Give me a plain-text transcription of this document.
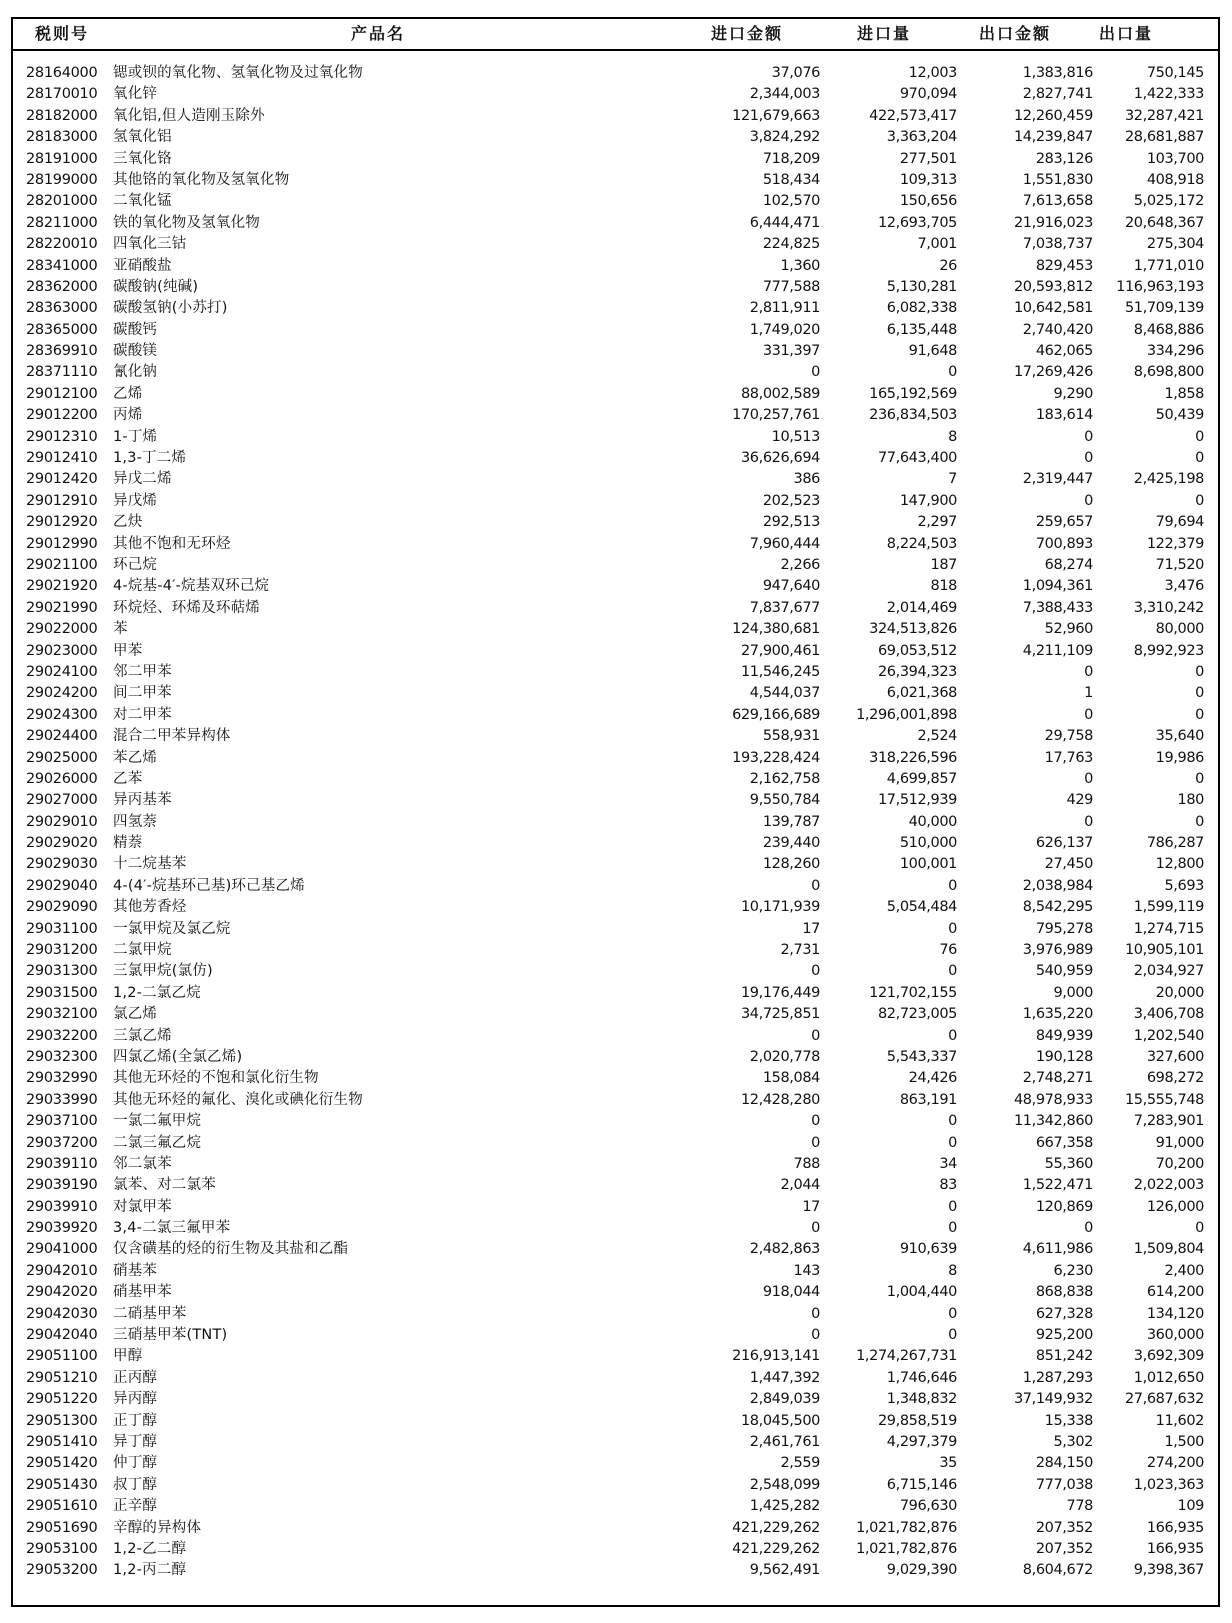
税则号	产品名	进口金额	进口量	出口金额	出口量
28164000 锶或钡的氧化物、氢氧化物及过氧化物	37,076	12,003	1,383,816	750,145
28170010 氧化锌	2,344,003	970,094	2,827,741	1,422,333
28182000 氧化铝,但人造刚玉除外	121,679,663	422,573,417	12,260,459 32,287,421
28183000 氢氧化铝	3,824,292	3,363,204	14,239,847 28,681,887
28191000 三氧化铬	718,209	277,501	283,126	103,700
28199000 其他铬的氧化物及氢氧化物	518,434	109,313	1,551,830	408,918
28201000 二氧化锰	102,570	150,656	7,613,658	5,025,172
28211000 铁的氧化物及氢氧化物	6,444,471	12,693,705	21,916,023 20,648,367
28220010 四氧化三钴	224,825	7,001	7,038,737	275,304
28341000 亚硝酸盐	1,360	26	829,453	1,771,010
28362000 碳酸钠(纯碱)	777,588	5,130,281	20,593,812 116,963,193
28363000 碳酸氢钠(小苏打)	2,811,911	6,082,338	10,642,581 51,709,139
28365000 碳酸钙	1,749,020	6,135,448	2,740,420	8,468,886
28369910 碳酸镁	331,397	91,648	462,065	334,296
28371110 氰化钠	0	0	17,269,426	8,698,800
29012100 乙烯	88,002,589	165,192,569	9,290	1,858
29012200 丙烯	170,257,761	236,834,503	183,614	50,439
29012310 1-丁烯	10,513	8	0	0
29012410 1,3-丁二烯	36,626,694	77,643,400	0	0
29012420 异戊二烯	386	7	2,319,447	2,425,198
29012910 异戊烯	202,523	147,900	0	0
29012920 乙炔	292,513	2,297	259,657	79,694
29012990 其他不饱和无环烃	7,960,444	8,224,503	700,893	122,379
29021100 环己烷	2,266	187	68,274	71,520
29021920 4-烷基-4′-烷基双环己烷	947,640	818	1,094,361	3,476
29021990 环烷烃、环烯及环萜烯	7,837,677	2,014,469	7,388,433	3,310,242
29022000 苯	124,380,681	324,513,826	52,960	80,000
29023000 甲苯	27,900,461	69,053,512	4,211,109	8,992,923
29024100 邻二甲苯	11,546,245	26,394,323	0	0
29024200 间二甲苯	4,544,037	6,021,368	1	0
29024300 对二甲苯	629,166,689 1,296,001,898	0	0
29024400 混合二甲苯异构体	558,931	2,524	29,758	35,640
29025000 苯乙烯	193,228,424	318,226,596	17,763	19,986
29026000 乙苯	2,162,758	4,699,857	0	0
29027000 异丙基苯	9,550,784	17,512,939	429	180
29029010 四氢萘	139,787	40,000	0	0
29029020 精萘	239,440	510,000	626,137	786,287
29029030 十二烷基苯	128,260	100,001	27,450	12,800
29029040 4-(4′-烷基环己基)环己基乙烯	0	0	2,038,984	5,693
29029090 其他芳香烃	10,171,939	5,054,484	8,542,295	1,599,119
29031100 一氯甲烷及氯乙烷	17	0	795,278	1,274,715
29031200 二氯甲烷	2,731	76	3,976,989 10,905,101
29031300 三氯甲烷(氯仿)	0	0	540,959	2,034,927
29031500 1,2-二氯乙烷	19,176,449	121,702,155	9,000	20,000
29032100 氯乙烯	34,725,851	82,723,005	1,635,220	3,406,708
29032200 三氯乙烯	0	0	849,939	1,202,540
29032300 四氯乙烯(全氯乙烯)	2,020,778	5,543,337	190,128	327,600
29032990 其他无环烃的不饱和氯化衍生物	158,084	24,426	2,748,271	698,272
29033990 其他无环烃的氟化、溴化或碘化衍生物	12,428,280	863,191	48,978,933 15,555,748
29037100 一氯二氟甲烷	0	0	11,342,860	7,283,901
29037200 二氯三氟乙烷	0	0	667,358	91,000
29039110 邻二氯苯	788	34	55,360	70,200
29039190 氯苯、对二氯苯	2,044	83	1,522,471	2,022,003
29039910 对氯甲苯	17	0	120,869	126,000
29039920 3,4-二氯三氟甲苯	0	0	0	0
29041000 仅含磺基的烃的衍生物及其盐和乙酯	2,482,863	910,639	4,611,986	1,509,804
29042010 硝基苯	143	8	6,230	2,400
29042020 硝基甲苯	918,044	1,004,440	868,838	614,200
29042030 二硝基甲苯	0	0	627,328	134,120
29042040 三硝基甲苯(TNT)	0	0	925,200	360,000
29051100 甲醇	216,913,141 1,274,267,731	851,242	3,692,309
29051210 正丙醇	1,447,392	1,746,646	1,287,293	1,012,650
29051220 异丙醇	2,849,039	1,348,832	37,149,932 27,687,632
29051300 正丁醇	18,045,500	29,858,519	15,338	11,602
29051410 异丁醇	2,461,761	4,297,379	5,302	1,500
29051420 仲丁醇	2,559	35	284,150	274,200
29051430 叔丁醇	2,548,099	6,715,146	777,038	1,023,363
29051610 正辛醇	1,425,282	796,630	778	109
29051690 辛醇的异构体	421,229,262 1,021,782,876	207,352	166,935
29053100 1,2-乙二醇	421,229,262 1,021,782,876	207,352	166,935
29053200 1,2-丙二醇	9,562,491	9,029,390	8,604,672	9,398,367
